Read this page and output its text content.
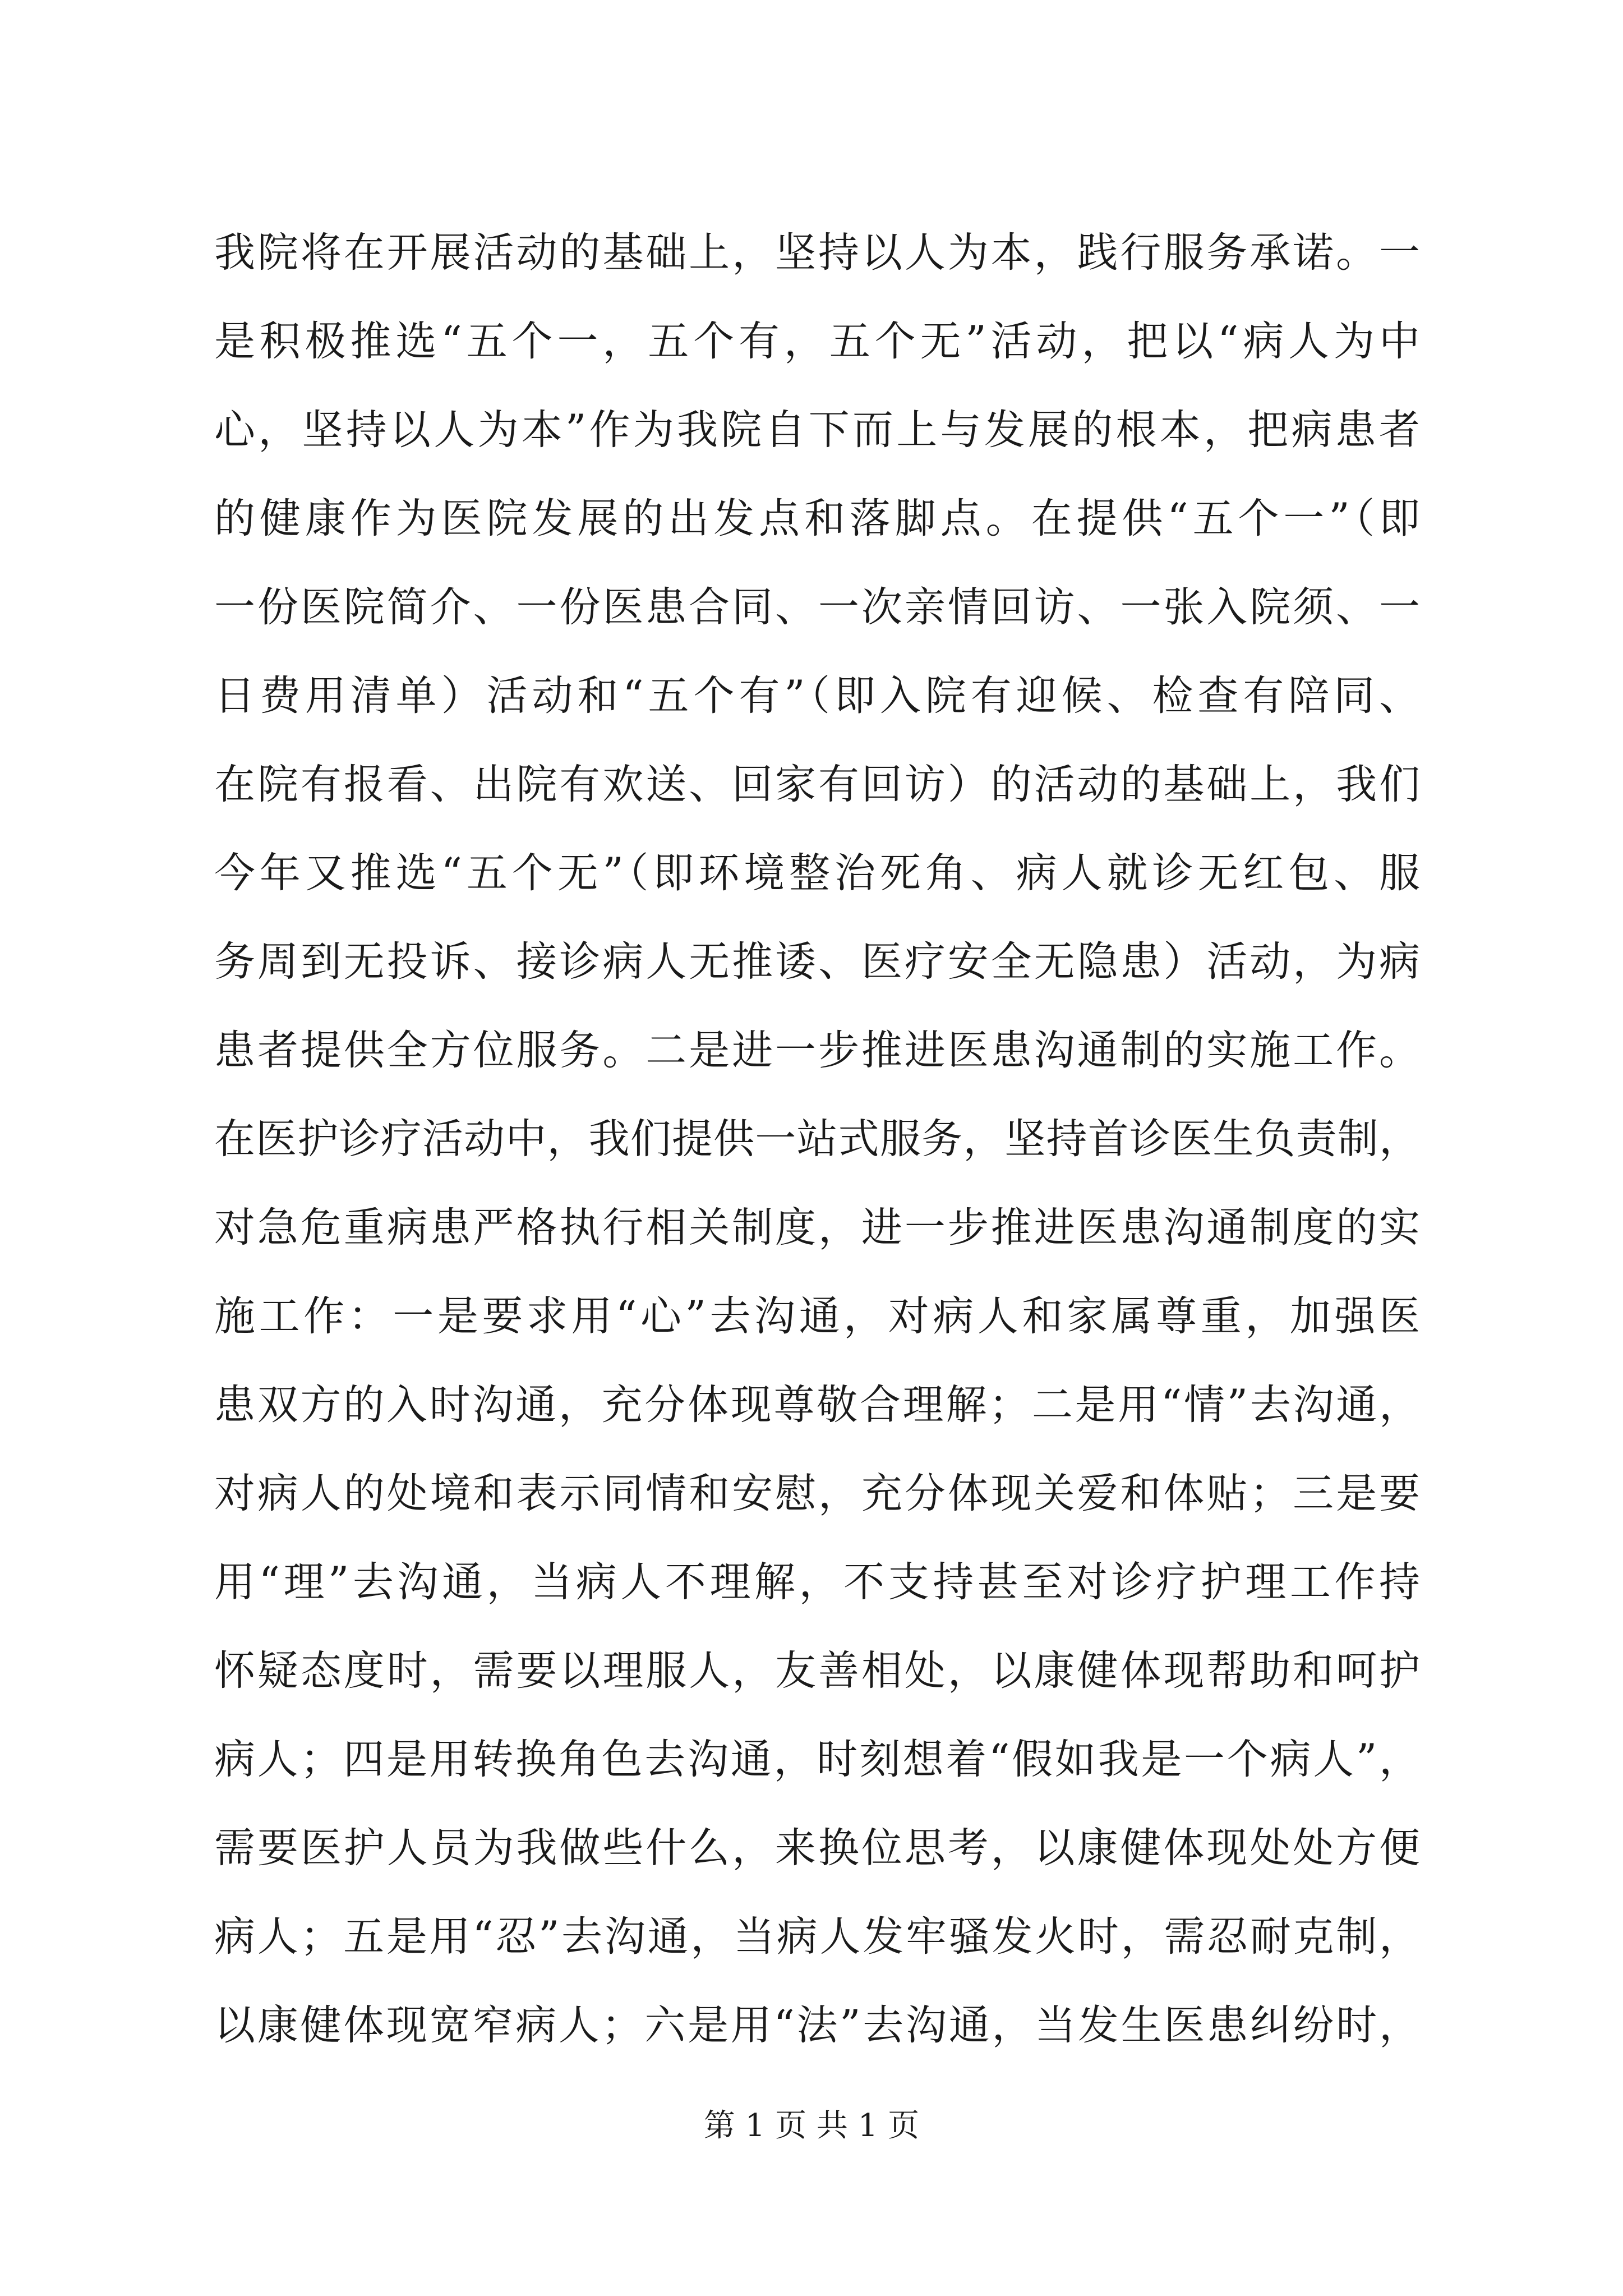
我院将在开展活动的基础上，坚持以人为本，践行服务承诺。一
是积极推选“五个一，五个有，五个无”活动，把以“病人为中
心，坚持以人为本”作为我院自下而上与发展的根本，把病患者
的健康作为医院发展的出发点和落脚点。在提供“五个一”（即
一份医院简介、一份医患合同、一次亲情回访、一张入院须、一
日费用清单）活动和“五个有”（即入院有迎候、检查有陪同、
在院有报看、出院有欢送、回家有回访）的活动的基础上，我们
今年又推选“五个无”（即环境整治死角、病人就诊无红包、服
务周到无投诉、接诊病人无推诿、医疗安全无隐患）活动，为病
患者提供全方位服务。二是进一步推进医患沟通制的实施工作。
在医护诊疗活动中，我们提供一站式服务，坚持首诊医生负责制，
对急危重病患严格执行相关制度，进一步推进医患沟通制度的实
施工作：一是要求用“心”去沟通，对病人和家属尊重，加强医
患双方的入时沟通，充分体现尊敬合理解；二是用“情”去沟通，
对病人的处境和表示同情和安慰，充分体现关爱和体贴；三是要
用“理”去沟通，当病人不理解，不支持甚至对诊疗护理工作持
怀疑态度时，需要以理服人，友善相处，以康健体现帮助和呵护
病人；四是用转换角色去沟通，时刻想着“假如我是一个病人”，
需要医护人员为我做些什么，来换位思考，以康健体现处处方便
病人；五是用“忍”去沟通，当病人发牢骚发火时，需忍耐克制，
以康健体现宽窄病人；六是用“法”去沟通，当发生医患纠纷时，
第 1 页 共 1 页
